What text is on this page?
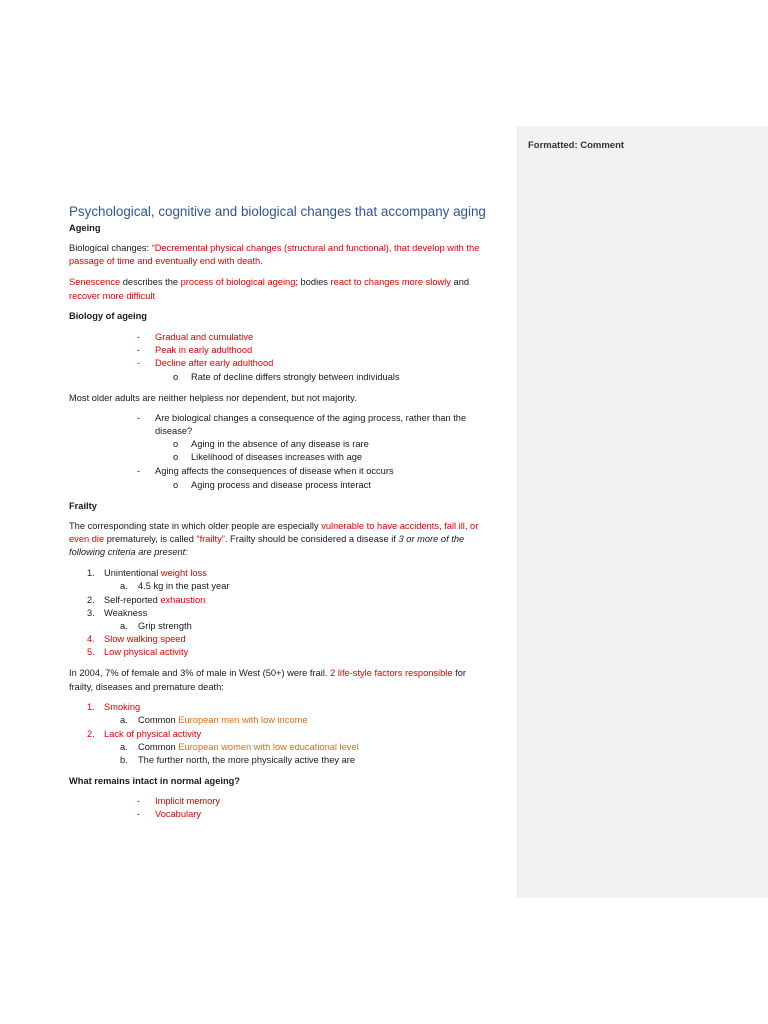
Formatted: Comment
Psychological, cognitive and biological changes that accompany aging
Ageing
Biological changes: “Decremental physical changes (structural and functional), that develop with the
passage of time and eventually end with death.
Senescence describes the process of biological ageing; bodies react to changes more slowly and
recover more difficult
Biology of ageing
- Gradual and cumulative
- Peak in early adulthood
- Decline after early adulthood
o Rate of decline differs strongly between individuals
Most older adults are neither helpless nor dependent, but not majority.
- Are biological changes a consequence of the aging process, rather than the
disease?
o Aging in the absence of any disease is rare
o Likelihood of diseases increases with age
- Aging affects the consequences of disease when it occurs
o Aging process and disease process interact
Frailty
The corresponding state in which older people are especially vulnerable to have accidents, fall ill, or
even die prematurely, is called “frailty”. Frailty should be considered a disease if 3 or more of the
following criteria are present:
1. Unintentional weight loss
a. 4.5 kg in the past year
2. Self-reported exhaustion
3. Weakness
a. Grip strength
4. Slow walking speed
5. Low physical activity
In 2004, 7% of female and 3% of male in West (50+) were frail. 2 life-style factors responsible for
frailty, diseases and premature death:
1. Smoking
a. Common European men with low income
2. Lack of physical activity
a. Common European women with low educational level
b. The further north, the more physically active they are
What remains intact in normal ageing?
- Implicit memory
- Vocabulary
